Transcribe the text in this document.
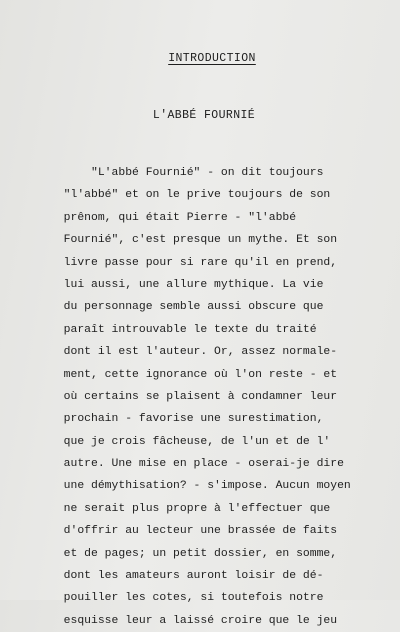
INTRODUCTION
L'ABBÉ FOURNIÉ
"L'abbé Fournié" - on dit toujours
"l'abbé" et on le prive toujours de son
prênom, qui était Pierre - "l'abbé
Fournié", c'est presque un mythe. Et son
livre passe pour si rare qu'il en prend,
lui aussi, une allure mythique. La vie
du personnage semble aussi obscure que
paraît introuvable le texte du traité
dont il est l'auteur. Or, assez normale-
ment, cette ignorance où l'on reste - et
où certains se plaisent à condamner leur
prochain - favorise une surestimation,
que je crois fâcheuse, de l'un et de l'
autre. Une mise en place - oserai-je dire
une démythisation? - s'impose. Aucun moyen
ne serait plus propre à l'effectuer que
d'offrir au lecteur une brassée de faits
et de pages; un petit dossier, en somme,
dont les amateurs auront loisir de dé-
pouiller les cotes, si toutefois notre
esquisse leur a laissé croire que le jeu
